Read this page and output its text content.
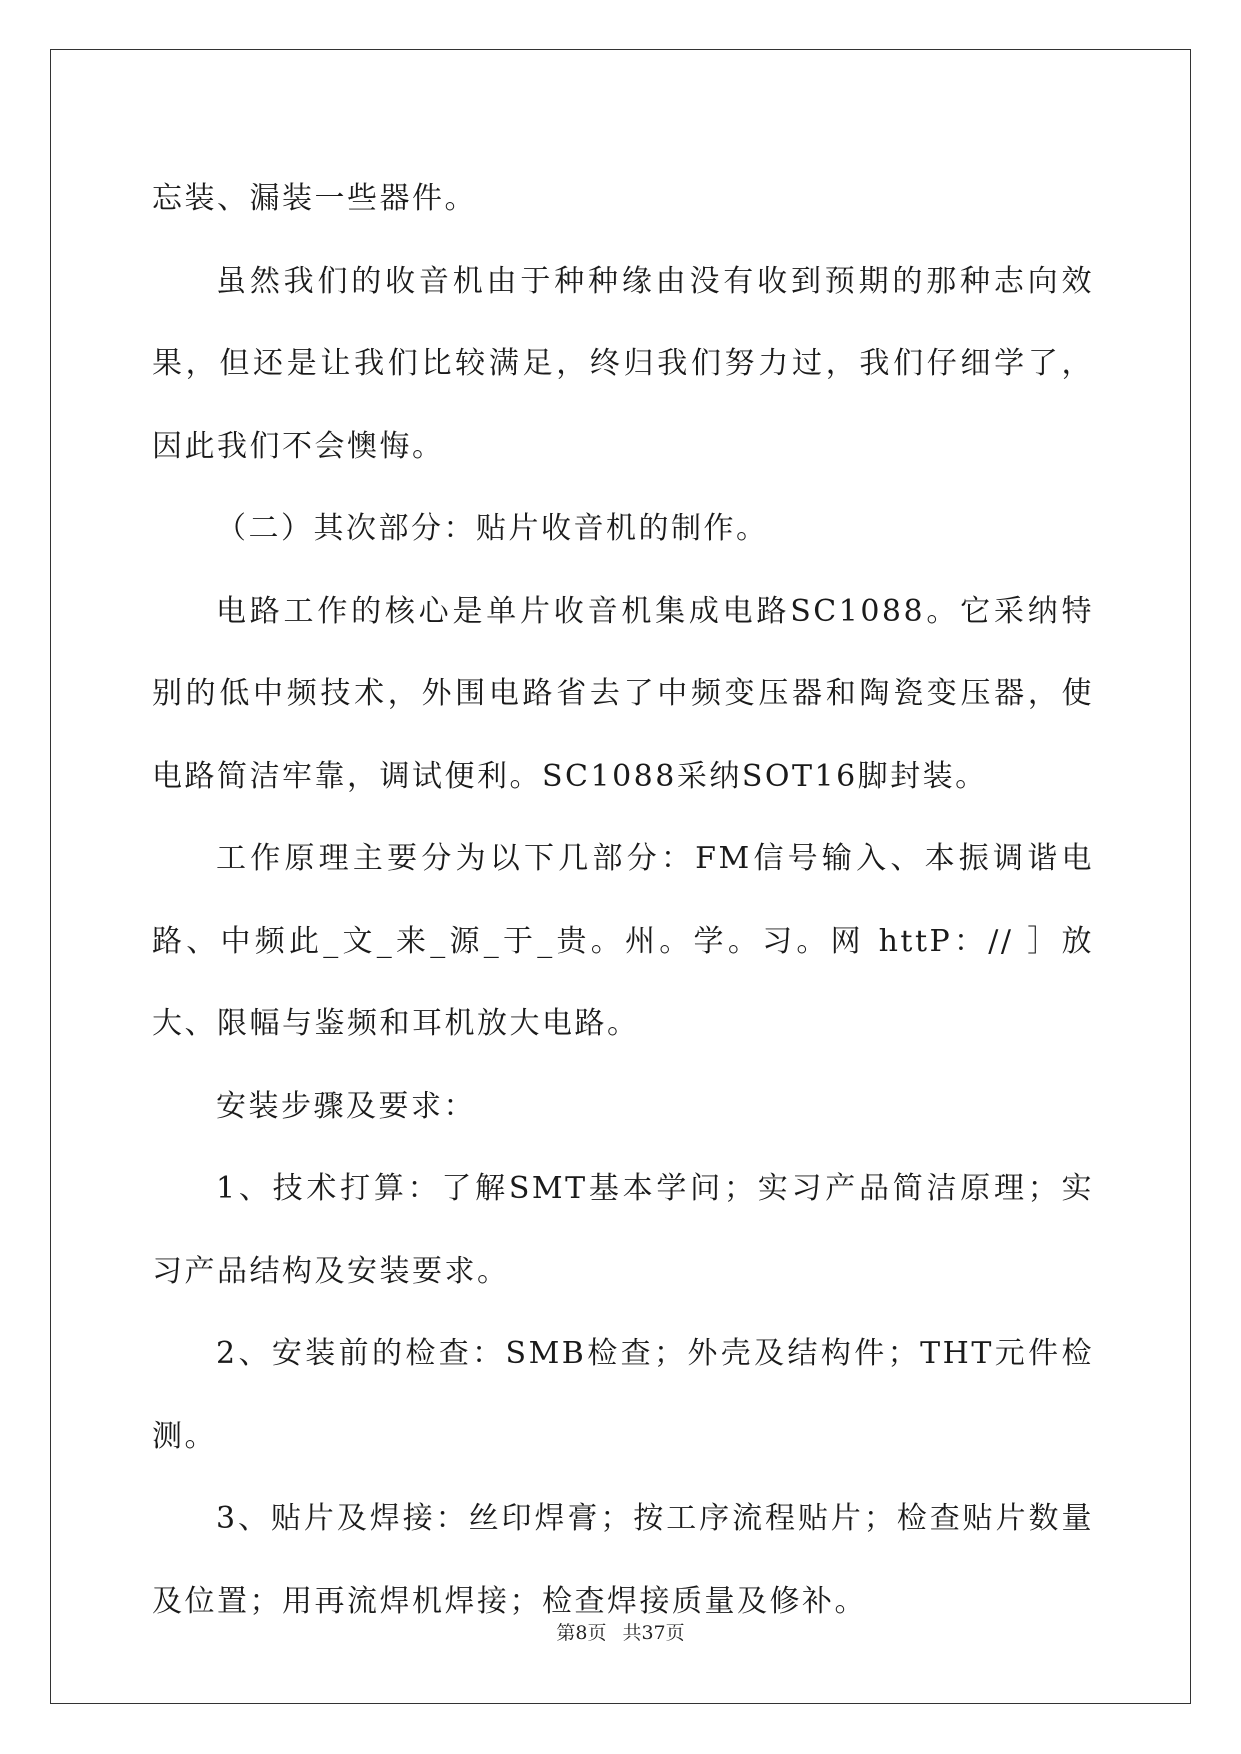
忘装、漏装一些器件。

虽然我们的收音机由于种种缘由没有收到预期的那种志向效果，但还是让我们比较满足，终归我们努力过，我们仔细学了，因此我们不会懊悔。

（二）其次部分：贴片收音机的制作。

电路工作的核心是单片收音机集成电路SC1088。它采纳特别的低中频技术，外围电路省去了中频变压器和陶瓷变压器，使电路简洁牢靠，调试便利。SC1088采纳SOT16脚封装。

工作原理主要分为以下几部分：FM信号输入、本振调谐电路、中频此_文_来_源_于_贵。州。学。习。网 httP：// ］放大、限幅与鉴频和耳机放大电路。

安装步骤及要求：

1、技术打算：了解SMT基本学问；实习产品简洁原理；实习产品结构及安装要求。

2、安装前的检查：SMB检查；外壳及结构件；THT元件检测。

3、贴片及焊接：丝印焊膏；按工序流程贴片；检查贴片数量及位置；用再流焊机焊接；检查焊接质量及修补。

第8页 共37页
